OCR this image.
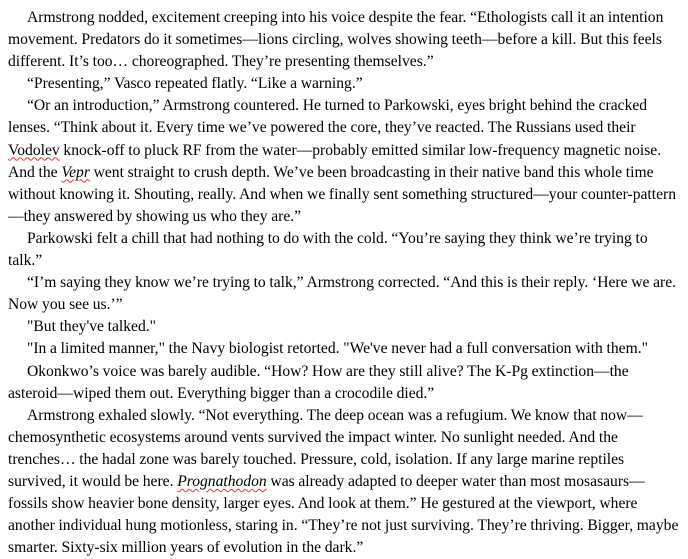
Armstrong nodded, excitement creeping into his voice despite the fear. “Ethologists call it an intention movement. Predators do it sometimes—lions circling, wolves showing teeth—before a kill. But this feels different. It’s too… choreographed. They’re presenting themselves.”

“Presenting,” Vasco repeated flatly. “Like a warning.”

“Or an introduction,” Armstrong countered. He turned to Parkowski, eyes bright behind the cracked lenses. “Think about it. Every time we’ve powered the core, they’ve reacted. The Russians used their Vodolev knock-off to pluck RF from the water—probably emitted similar low-frequency magnetic noise. And the Vepr went straight to crush depth. We’ve been broadcasting in their native band this whole time without knowing it. Shouting, really. And when we finally sent something structured—your counter-pattern—they answered by showing us who they are.”

Parkowski felt a chill that had nothing to do with the cold. “You’re saying they think we’re trying to talk.”

“I’m saying they know we’re trying to talk,” Armstrong corrected. “And this is their reply. ‘Here we are. Now you see us.’”

"But they've talked."

"In a limited manner," the Navy biologist retorted. "We've never had a full conversation with them."

Okonkwo’s voice was barely audible. “How? How are they still alive? The K-Pg extinction—the asteroid—wiped them out. Everything bigger than a crocodile died.”

Armstrong exhaled slowly. “Not everything. The deep ocean was a refugium. We know that now—chemosynthetic ecosystems around vents survived the impact winter. No sunlight needed. And the trenches… the hadal zone was barely touched. Pressure, cold, isolation. If any large marine reptiles survived, it would be here. Prognathodon was already adapted to deeper water than most mosasaurs—fossils show heavier bone density, larger eyes. And look at them.” He gestured at the viewport, where another individual hung motionless, staring in. “They’re not just surviving. They’re thriving. Bigger, maybe smarter. Sixty-six million years of evolution in the dark.”
